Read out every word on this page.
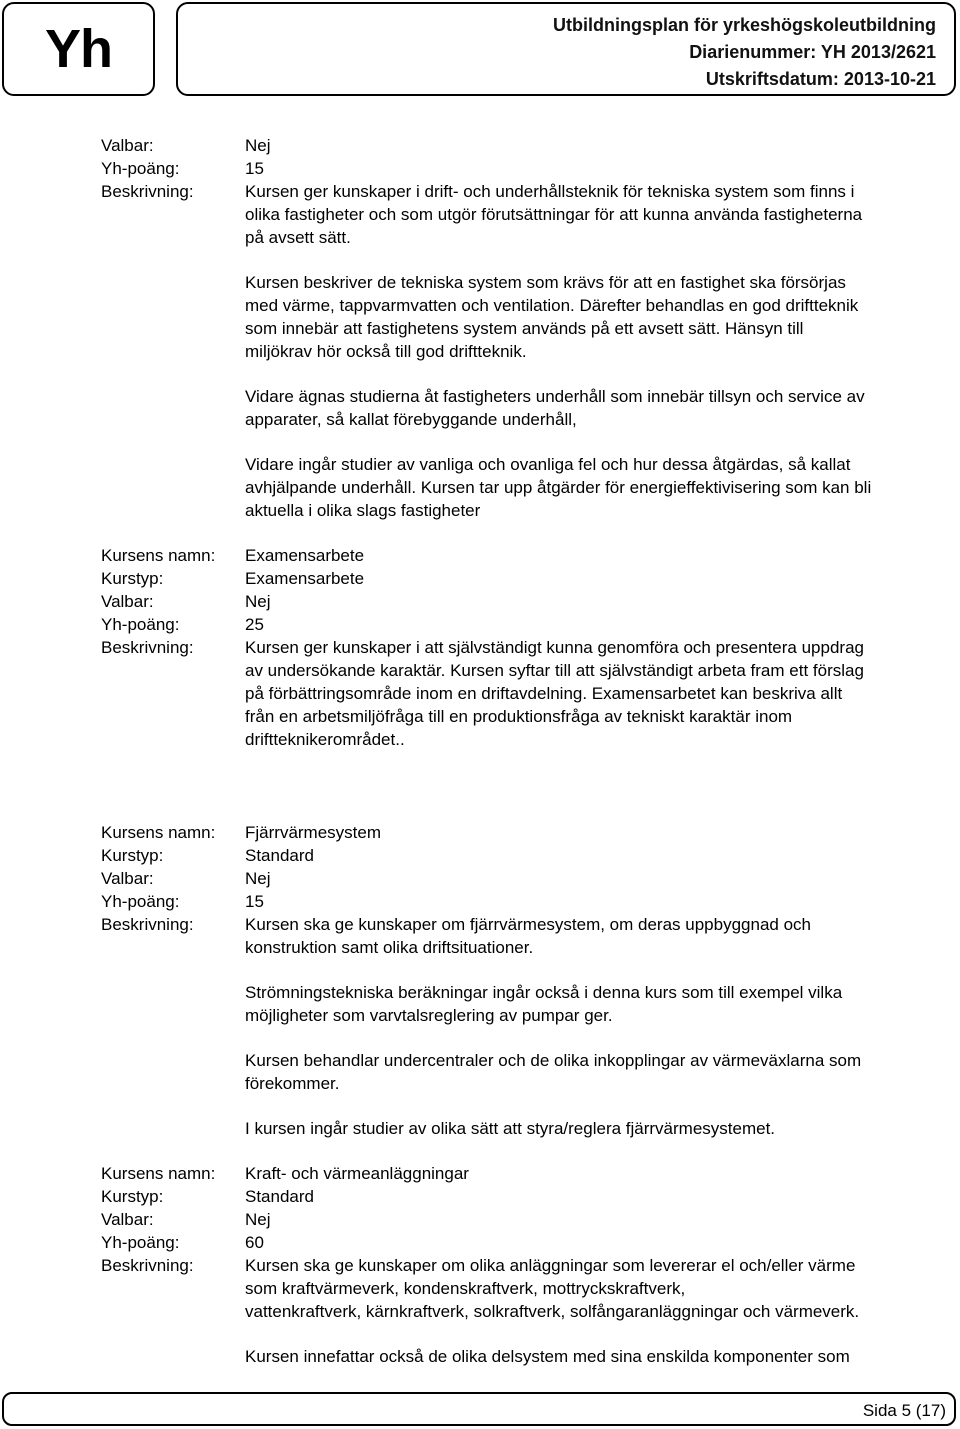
Yh	Utbildningsplan för yrkeshögskoleutbildning
Diarienummer: YH 2013/2621
Utskriftsdatum: 2013-10-21
Valbar:	Nej
Yh-poäng:	15
Beskrivning:	Kursen ger kunskaper i drift- och underhållsteknik för tekniska system som finns i
olika fastigheter och som utgör förutsättningar för att kunna använda fastigheterna
på avsett sätt.
Kursen beskriver de tekniska system som krävs för att en fastighet ska försörjas
med värme, tappvarmvatten och ventilation. Därefter behandlas en god driftteknik
som innebär att fastighetens system används på ett avsett sätt. Hänsyn till
miljökrav hör också till god driftteknik.
Vidare ägnas studierna åt fastigheters underhåll som innebär tillsyn och service av
apparater, så kallat förebyggande underhåll,
Vidare ingår studier av vanliga och ovanliga fel och hur dessa åtgärdas, så kallat
avhjälpande underhåll. Kursen tar upp åtgärder för energieffektivisering som kan bli
aktuella i olika slags fastigheter
Kursens namn:	Examensarbete
Kurstyp:	Examensarbete
Valbar:	Nej
Yh-poäng:	25
Beskrivning:	Kursen ger kunskaper i att självständigt kunna genomföra och presentera uppdrag
av undersökande karaktär. Kursen syftar till att självständigt arbeta fram ett förslag
på förbättringsområde inom en driftavdelning. Examensarbetet kan beskriva allt
från en arbetsmiljöfråga till en produktionsfråga av tekniskt karaktär inom
driftteknikerområdet..
Kursens namn:	Fjärrvärmesystem
Kurstyp:	Standard
Valbar:	Nej
Yh-poäng:	15
Beskrivning:	Kursen ska ge kunskaper om fjärrvärmesystem, om deras uppbyggnad och
konstruktion samt olika driftsituationer.
Strömningstekniska beräkningar ingår också i denna kurs som till exempel vilka
möjligheter som varvtalsreglering av pumpar ger.
Kursen behandlar undercentraler och de olika inkopplingar av värmeväxlarna som
förekommer.
I kursen ingår studier av olika sätt att styra/reglera fjärrvärmesystemet.
Kursens namn:	Kraft- och värmeanläggningar
Kurstyp:	Standard
Valbar:	Nej
Yh-poäng:	60
Beskrivning:	Kursen ska ge kunskaper om olika anläggningar som levererar el och/eller värme
som kraftvärmeverk, kondenskraftverk, mottryckskraftverk,
vattenkraftverk, kärnkraftverk, solkraftverk, solfångaranläggningar och värmeverk.
Kursen innefattar också de olika delsystem med sina enskilda komponenter som
Sida 5 (17)
